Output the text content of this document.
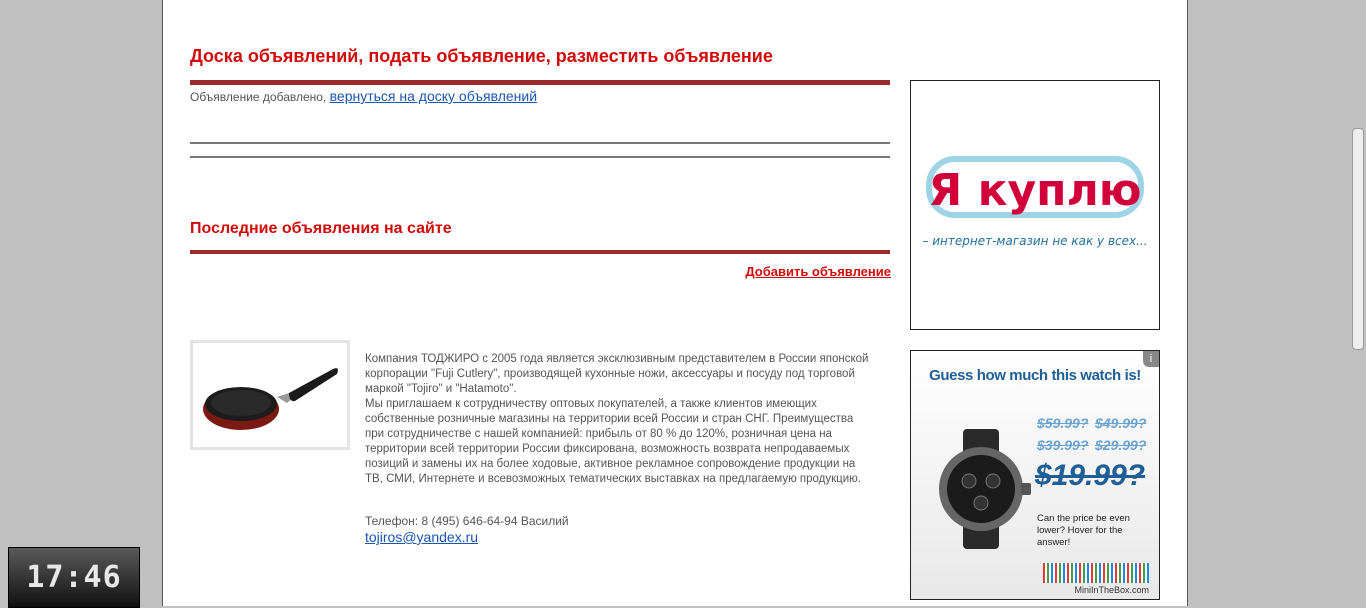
Доска объявлений, подать объявление, разместить объявление
Объявление добавлено, вернуться на доску объявлений
Последние объявления на сайте
Добавить объявление
Компания ТОДЖИРО с 2005 года является эксклюзивным представителем в России японской корпорации "Fuji Cutlery", производящей кухонные ножи, аксессуары и посуду под торговой маркой "Tojiro" и "Hatamoto".
Мы приглашаем к сотрудничеству оптовых покупателей, а также клиентов имеющих собственные розничные магазины на территории всей России и стран СНГ. Преимущества при сотрудничестве с нашей компанией: прибыль от 80 % до 120%, розничная цена на территории всей территории России фиксирована, возможность возврата непродаваемых позиций и замены их на более ходовые, активное рекламное сопровождение продукции на ТВ, СМИ, Интернете и всевозможных тематических выставках на предлагаемую продукцию.
Телефон: 8 (495) 646-64-94 Василий
tojiros@yandex.ru
Я куплю
– интернет-магазин не как у всех...
i
Guess how much this watch is!
$59.99? $49.99?
$39.99? $29.99?
$19.99?
Can the price be even lower? Hover for the answer!
MiniInTheBox.com
17:46
